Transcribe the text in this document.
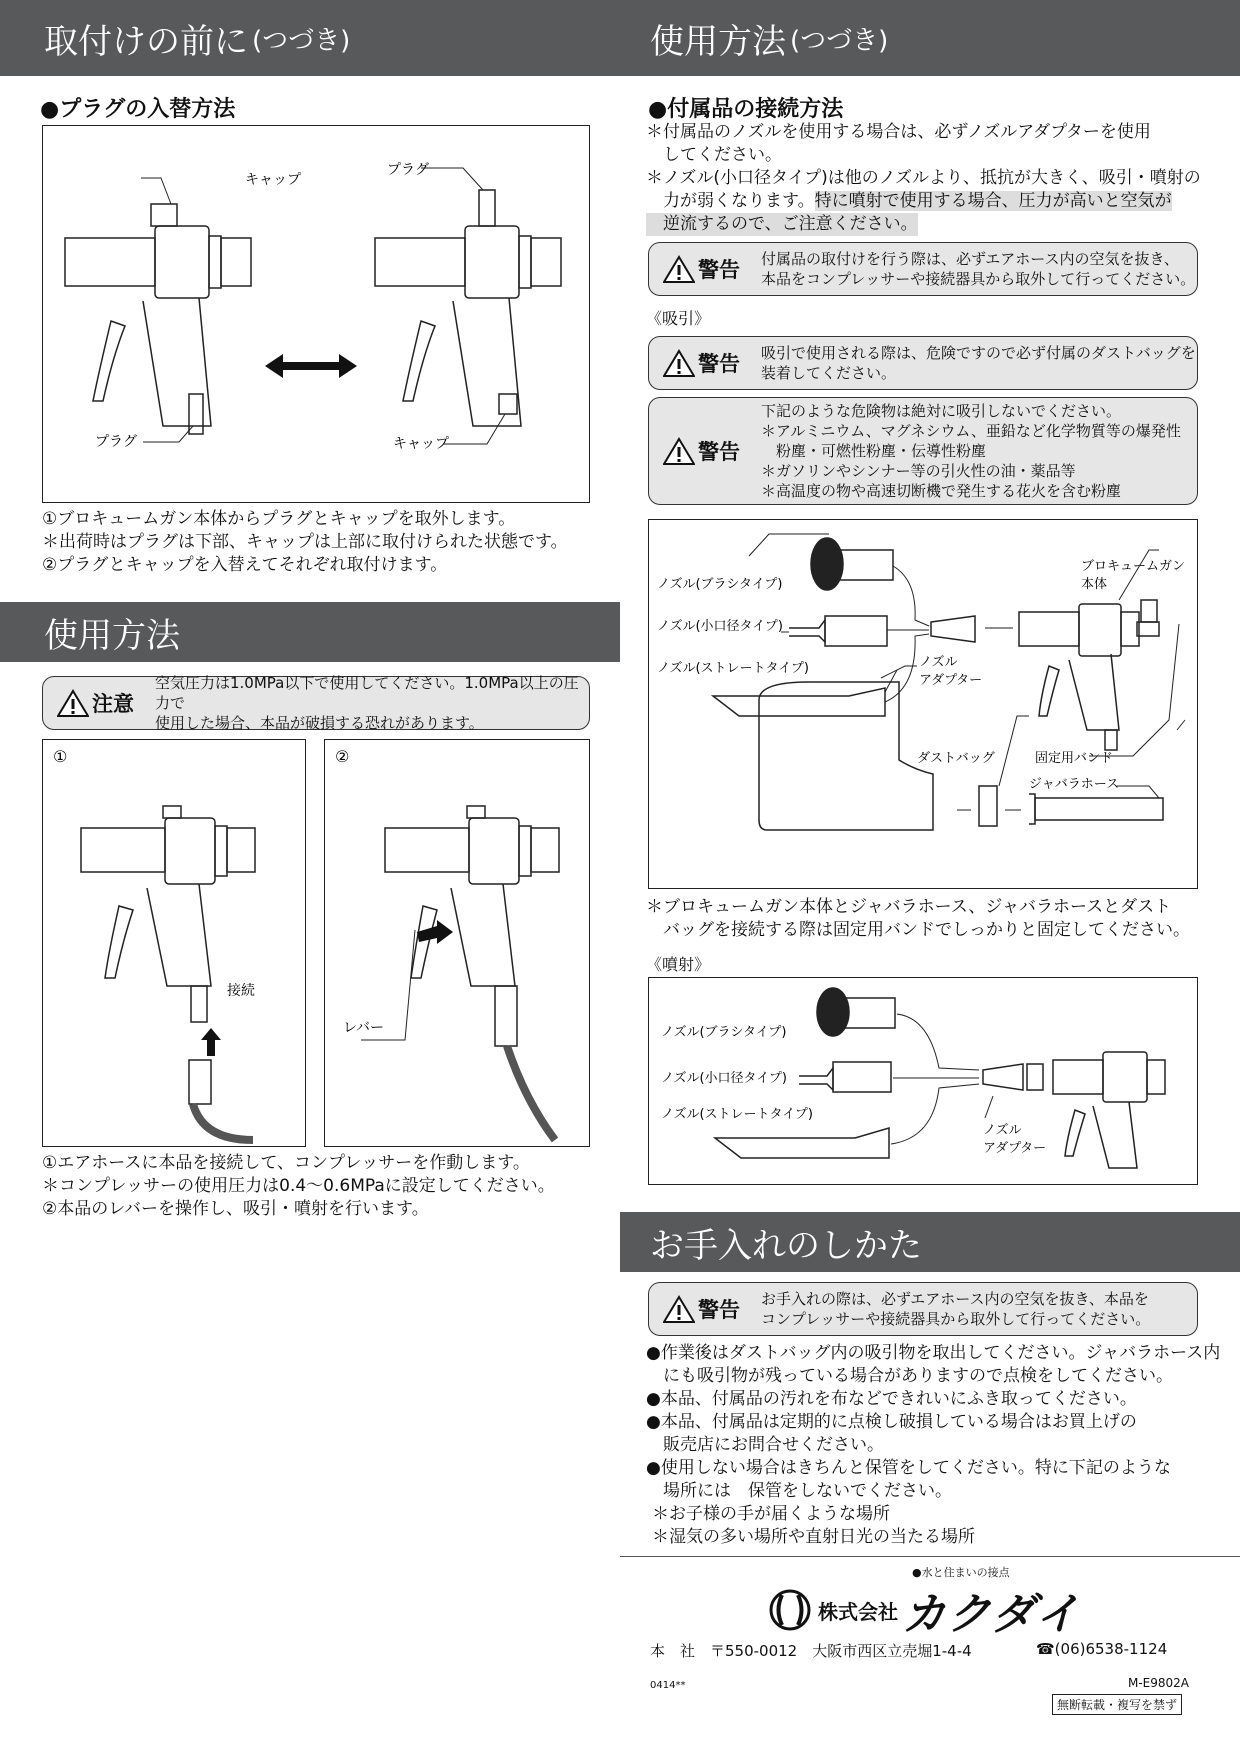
取付けの前に (つづき)
●プラグの入替方法
キャップ
プラグ
プラグ	キャップ
①ブロキュームガン本体からプラグとキャップを取外します。
＊出荷時はプラグは下部、キャップは上部に取付けられた状態です。
②プラグとキャップを入替えてそれぞれ取付けます。
使用方法
注意
空気圧力は1.0MPa以下で使用してください。1.0MPa以上の圧力で
使用した場合、本品が破損する恐れがあります。
①
接続
②
レバー
①エアホースに本品を接続して、コンプレッサーを作動します。
＊コンプレッサーの使用圧力は0.4～0.6MPaに設定してください。
②本品のレバーを操作し、吸引・噴射を行います。
使用方法 (つづき)
●付属品の接続方法
＊付属品のノズルを使用する場合は、必ずノズルアダプターを使用
　してください。
＊ノズル(小口径タイプ)は他のノズルより、抵抗が大きく、吸引・噴射の
　力が弱くなります。特に噴射で使用する場合、圧力が高いと空気が
　逆流するので、ご注意ください。
警告 付属品の取付けを行う際は、必ずエアホース内の空気を抜き、
本品をコンプレッサーや接続器具から取外して行ってください。
《吸引》
警告 吸引で使用される際は、危険ですので必ず付属のダストバッグを
装着してください。
警告
下記のような危険物は絶対に吸引しないでください。
＊アルミニウム、マグネシウム、亜鉛など化学物質等の爆発性
　粉塵・可燃性粉塵・伝導性粉塵
＊ガソリンやシンナー等の引火性の油・薬品等
＊高温度の物や高速切断機で発生する花火を含む粉塵
ノズル(ブラシタイプ)
ノズル(小口径タイプ)
ノズル(ストレートタイプ)	ノズル
アダプター
ブロキュームガン
本体
ダストバッグ	固定用バンド
ジャバラホース
＊ブロキュームガン本体とジャバラホース、ジャバラホースとダスト
　バッグを接続する際は固定用バンドでしっかりと固定してください。
《噴射》
ノズル(ブラシタイプ)
ノズル(小口径タイプ)
ノズル(ストレートタイプ)
ノズル
アダプター
お手入れのしかた
警告 お手入れの際は、必ずエアホース内の空気を抜き、本品を
コンプレッサーや接続器具から取外して行ってください。
●作業後はダストバッグ内の吸引物を取出してください。ジャバラホース内
　にも吸引物が残っている場合がありますので点検をしてください。
●本品、付属品の汚れを布などできれいにふき取ってください。
●本品、付属品は定期的に点検し破損している場合はお買上げの
　販売店にお問合せください。
●使用しない場合はきちんと保管をしてください。特に下記のような
　場所には　保管をしないでください。
＊お子様の手が届くような場所
＊湿気の多い場所や直射日光の当たる場所
●水と住まいの接点
株式会社 カクダイ
本　社　〒550-0012　大阪市西区立売堀1-4-4	☎(06)6538-1124
0414**	M-E9802A
無断転載・複写を禁ず
